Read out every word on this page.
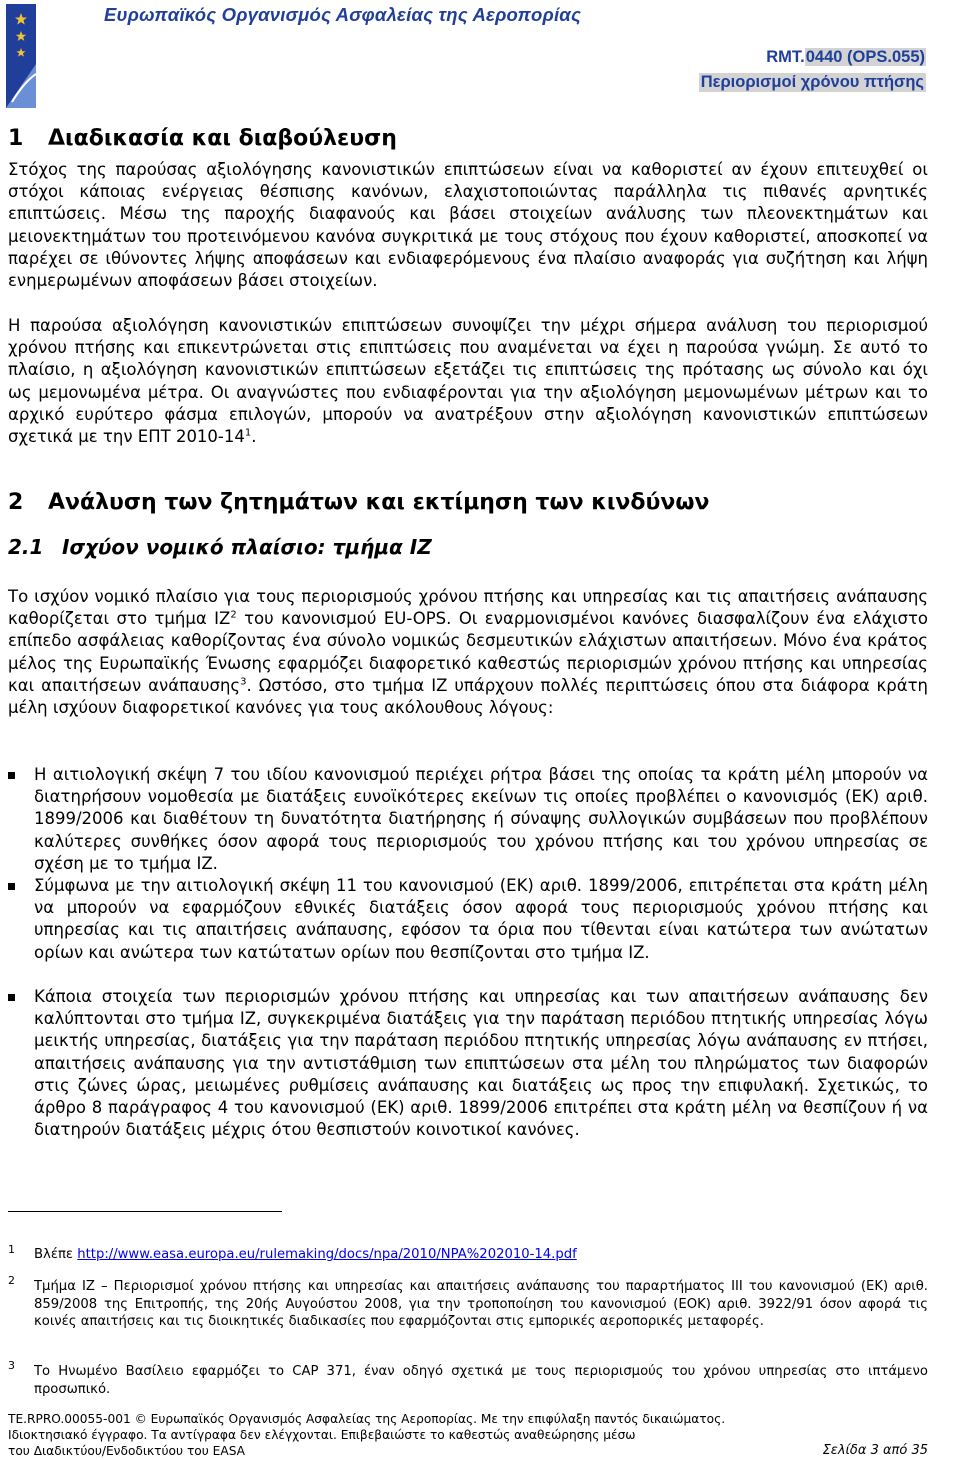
Ευρωπαϊκός Οργανισμός Ασφαλείας της Αεροπορίας
RMT.0440 (OPS.055)
Περιορισμοί χρόνου πτήσης
1 Διαδικασία και διαβούλευση
Στόχος της παρούσας αξιολόγησης κανονιστικών επιπτώσεων είναι να καθοριστεί αν έχουν επιτευχθεί οι στόχοι κάποιας ενέργειας θέσπισης κανόνων, ελαχιστοποιώντας παράλληλα τις πιθανές αρνητικές επιπτώσεις. Μέσω της παροχής διαφανούς και βάσει στοιχείων ανάλυσης των πλεονεκτημάτων και μειονεκτημάτων του προτεινόμενου κανόνα συγκριτικά με τους στόχους που έχουν καθοριστεί, αποσκοπεί να παρέχει σε ιθύνοντες λήψης αποφάσεων και ενδιαφερόμενους ένα πλαίσιο αναφοράς για συζήτηση και λήψη ενημερωμένων αποφάσεων βάσει στοιχείων.
Η παρούσα αξιολόγηση κανονιστικών επιπτώσεων συνοψίζει την μέχρι σήμερα ανάλυση του περιορισμού χρόνου πτήσης και επικεντρώνεται στις επιπτώσεις που αναμένεται να έχει η παρούσα γνώμη. Σε αυτό το πλαίσιο, η αξιολόγηση κανονιστικών επιπτώσεων εξετάζει τις επιπτώσεις της πρότασης ως σύνολο και όχι ως μεμονωμένα μέτρα. Οι αναγνώστες που ενδιαφέρονται για την αξιολόγηση μεμονωμένων μέτρων και το αρχικό ευρύτερο φάσμα επιλογών, μπορούν να ανατρέξουν στην αξιολόγηση κανονιστικών επιπτώσεων σχετικά με την ΕΠΤ $2010-14^1$.
2 Ανάλυση των ζητημάτων και εκτίμηση των κινδύνων
2.1 Ισχύον νομικό πλαίσιο: τμήμα ΙΖ
Το ισχύον νομικό πλαίσιο για τους περιορισμούς χρόνου πτήσης και υπηρεσίας και τις απαιτήσεις ανάπαυσης καθορίζεται στο τμήμα $IZ^2$ του κανονισμού EU-OPS. Οι εναρμονισμένοι κανόνες διασφαλίζουν ένα ελάχιστο επίπεδο ασφάλειας καθορίζοντας ένα σύνολο νομικώς δεσμευτικών ελάχιστων απαιτήσεων. Μόνο ένα κράτος μέλος της Ευρωπαϊκής Ένωσης εφαρμόζει διαφορετικό καθεστώς περιορισμών χρόνου πτήσης και υπηρεσίας και απαιτήσεων ανάπαυσης$^3$. Ωστόσο, στο τμήμα ΙΖ υπάρχουν πολλές περιπτώσεις όπου στα διάφορα κράτη μέλη ισχύουν διαφορετικοί κανόνες για τους ακόλουθους λόγους:
Η αιτιολογική σκέψη 7 του ιδίου κανονισμού περιέχει ρήτρα βάσει της οποίας τα κράτη μέλη μπορούν να διατηρήσουν νομοθεσία με διατάξεις ευνοϊκότερες εκείνων τις οποίες προβλέπει ο κανονισμός (ΕΚ) αριθ. 1899/2006 και διαθέτουν τη δυνατότητα διατήρησης ή σύναψης συλλογικών συμβάσεων που προβλέπουν καλύτερες συνθήκες όσον αφορά τους περιορισμούς του χρόνου πτήσης και του χρόνου υπηρεσίας σε σχέση με το τμήμα ΙΖ.
Σύμφωνα με την αιτιολογική σκέψη 11 του κανονισμού (ΕΚ) αριθ. 1899/2006, επιτρέπεται στα κράτη μέλη να μπορούν να εφαρμόζουν εθνικές διατάξεις όσον αφορά τους περιορισμούς χρόνου πτήσης και υπηρεσίας και τις απαιτήσεις ανάπαυσης, εφόσον τα όρια που τίθενται είναι κατώτερα των ανώτατων ορίων και ανώτερα των κατώτατων ορίων που θεσπίζονται στο τμήμα ΙΖ.
Κάποια στοιχεία των περιορισμών χρόνου πτήσης και υπηρεσίας και των απαιτήσεων ανάπαυσης δεν καλύπτονται στο τμήμα ΙΖ, συγκεκριμένα διατάξεις για την παράταση περιόδου πτητικής υπηρεσίας λόγω μεικτής υπηρεσίας, διατάξεις για την παράταση περιόδου πτητικής υπηρεσίας λόγω ανάπαυσης εν πτήσει, απαιτήσεις ανάπαυσης για την αντιστάθμιση των επιπτώσεων στα μέλη του πληρώματος των διαφορών στις ζώνες ώρας, μειωμένες ρυθμίσεις ανάπαυσης και διατάξεις ως προς την επιφυλακή. Σχετικώς, το άρθρο 8 παράγραφος 4 του κανονισμού (ΕΚ) αριθ. 1899/2006 επιτρέπει στα κράτη μέλη να θεσπίζουν ή να διατηρούν διατάξεις μέχρις ότου θεσπιστούν κοινοτικοί κανόνες.
1 Βλέπε http://www.easa.europa.eu/rulemaking/docs/npa/2010/NPA%202010-14.pdf
2 Τμήμα ΙΖ – Περιορισμοί χρόνου πτήσης και υπηρεσίας και απαιτήσεις ανάπαυσης του παραρτήματος ΙΙΙ του κανονισμού (ΕΚ) αριθ. 859/2008 της Επιτροπής, της 20ής Αυγούστου 2008, για την τροποποίηση του κανονισμού (ΕΟΚ) αριθ. 3922/91 όσον αφορά τις κοινές απαιτήσεις και τις διοικητικές διαδικασίες που εφαρμόζονται στις εμπορικές αεροπορικές μεταφορές.
3 Το Ηνωμένο Βασίλειο εφαρμόζει το CAP 371, έναν οδηγό σχετικά με τους περιορισμούς του χρόνου υπηρεσίας στο ιπτάμενο προσωπικό.
TE.RPRO.00055-001 © Ευρωπαϊκός Οργανισμός Ασφαλείας της Αεροπορίας. Με την επιφύλαξη παντός δικαιώματος.
Ιδιοκτησιακό έγγραφο. Τα αντίγραφα δεν ελέγχονται. Επιβεβαιώστε το καθεστώς αναθεώρησης μέσω
του Διαδικτύου/Ενδοδικτύου του EASA	Σελίδα 3 από 35
